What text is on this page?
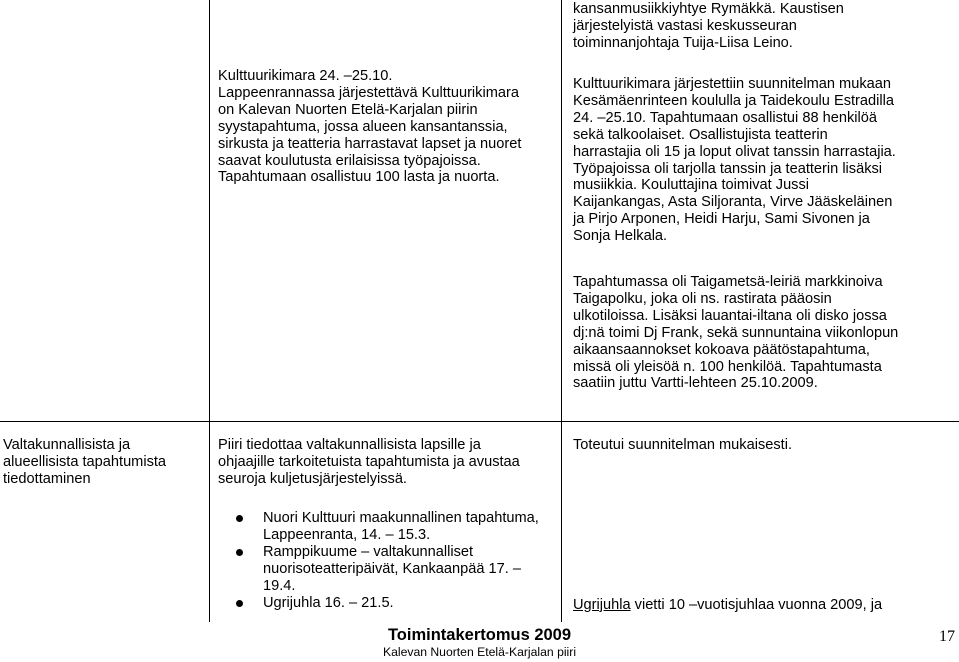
Kulttuurikimara 24. –25.10.
Lappeenrannassa järjestettävä Kulttuurikimara
on Kalevan Nuorten Etelä-Karjalan piirin
syystapahtuma, jossa alueen kansantanssia,
sirkusta ja teatteria harrastavat lapset ja nuoret
saavat koulutusta erilaisissa työpajoissa.
Tapahtumaan osallistuu 100 lasta ja nuorta.

kansanmusiikkiyhtye Rymäkkä. Kaustisen
järjestelyistä vastasi keskusseuran
toiminnanjohtaja Tuija-Liisa Leino.

Kulttuurikimara järjestettiin suunnitelman mukaan
Kesämäenrinteen koululla ja Taidekoulu Estradilla
24. –25.10. Tapahtumaan osallistui 88 henkilöä
sekä talkoolaiset. Osallistujista teatterin
harrastajia oli 15 ja loput olivat tanssin harrastajia.
Työpajoissa oli tarjolla tanssin ja teatterin lisäksi
musiikkia. Kouluttajina toimivat Jussi
Kaijankangas, Asta Siljoranta, Virve Jääskeläinen
ja Pirjo Arponen, Heidi Harju, Sami Sivonen ja
Sonja Helkala.

Tapahtumassa oli Taigametsä-leiriä markkinoiva
Taigapolku, joka oli ns. rastirata pääosin
ulkotiloissa. Lisäksi lauantai-iltana oli disko jossa
dj:nä toimi Dj Frank, sekä sunnuntaina viikonlopun
aikaansaannokset kokoava päätöstapahtuma,
missä oli yleisöä n. 100 henkilöä. Tapahtumasta
saatiin juttu Vartti-lehteen 25.10.2009.

Valtakunnallisista ja
alueellisista tapahtumista
tiedottaminen

Piiri tiedottaa valtakunnallisista lapsille ja
ohjaajille tarkoitetuista tapahtumista ja avustaa
seuroja kuljetusjärjestelyissä.

Nuori Kulttuuri maakunnallinen tapahtuma,
Lappeenranta, 14. – 15.3.
Ramppikuume – valtakunnalliset
nuorisoteatteripäivät, Kankaanpää 17. –
19.4.
Ugrijuhla 16. – 21.5.

Toteutui suunnitelman mukaisesti.

Ugrijuhla vietti 10 –vuotisjuhlaa vuonna 2009, ja

Toimintakertomus 2009
Kalevan Nuorten Etelä-Karjalan piiri
17
